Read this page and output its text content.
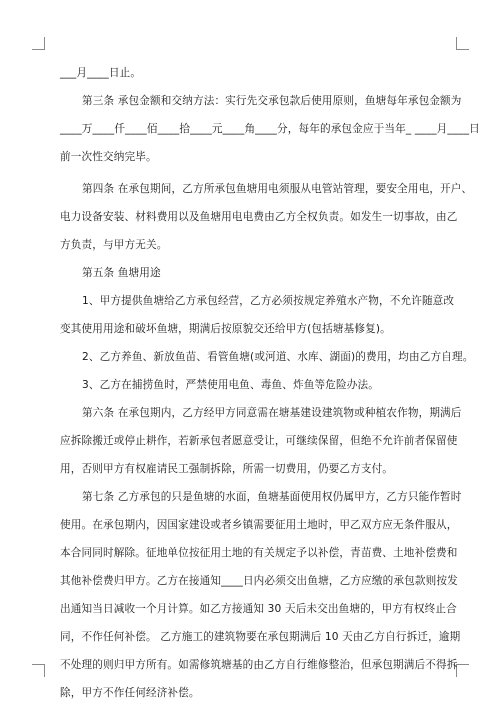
___月____日止。
第三条 承包金额和交纳方法：实行先交承包款后使用原则，鱼塘每年承包金额为
____万____仟____佰____拾____元____角____分，每年的承包金应于当年_ ____月____日
前一次性交纳完毕。
第四条 在承包期间，乙方所承包鱼塘用电须服从电管站管理，要安全用电，开户、
电力设备安装、材料费用以及鱼塘用电电费由乙方全权负责。如发生一切事故，由乙
方负责，与甲方无关。
第五条 鱼塘用途
1、甲方提供鱼塘给乙方承包经营，乙方必须按规定养殖水产物，不允许随意改
变其使用用途和破坏鱼塘，期满后按原貌交还给甲方(包括塘基修复)。
2、乙方养鱼、新放鱼苗、看管鱼塘(或河道、水库、湖面)的费用，均由乙方自理。
3、乙方在捕捞鱼时，严禁使用电鱼、毒鱼、炸鱼等危险办法。
第六条 在承包期内，乙方经甲方同意需在塘基建设建筑物或种植农作物，期满后
应拆除搬迁或停止耕作，若新承包者愿意受让，可继续保留，但绝不允许前者保留使
用，否则甲方有权雇请民工强制拆除，所需一切费用，仍要乙方支付。
第七条 乙方承包的只是鱼塘的水面，鱼塘基面使用权仍属甲方，乙方只能作暂时
使用。在承包期内，因国家建设或者乡镇需要征用土地时，甲乙双方应无条件服从，
本合同同时解除。征地单位按征用土地的有关规定予以补偿，青苗费、土地补偿费和
其他补偿费归甲方。乙方在接通知____日内必须交出鱼塘，乙方应缴的承包款则按发
出通知当日减收一个月计算。如乙方接通知 30 天后未交出鱼塘的，甲方有权终止合
同，不作任何补偿。 乙方施工的建筑物要在承包期满后 10 天由乙方自行拆迁，逾期
不处理的则归甲方所有。如需修筑塘基的由乙方自行维修整治，但承包期满后不得拆
除，甲方不作任何经济补偿。
